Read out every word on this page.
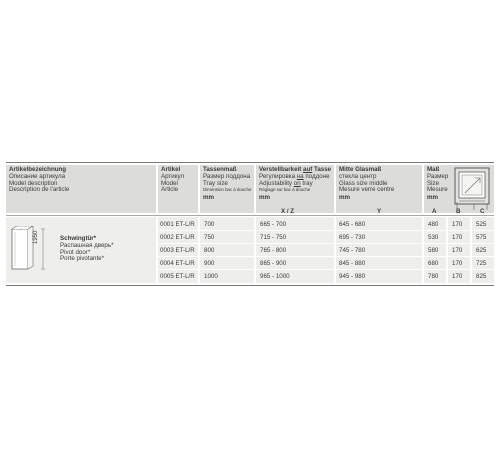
Artikelbezeichnung
Описание артикула
Model description
Description de l'article
Artikel
Артикул
Model
Article
Tassenmaß
Размер поддона
Tray size
Dimension bac à douche
mm
Verstellbarkeit auf Tasse
Регулировка на поддоне
Adjustability on tray
Réglage sur bac à douche
mm
Mitte Glasmaß
стекла центр
Glass size middle
Mesure verre centre
mm
Maß
Размер
Size
Mesure
mm
X / Z	Y	A	B	C
1950	Schwingtür*
Распашная дверь*
Pivot door*
Porte pivotante*
0001 ET-L/R 700	665 - 700	645 - 680	480 170 525
0002 ET-L/R 750	715 - 750	695 - 730	530 170 575
0003 ET-L/R 800	765 - 800	745 - 780	580 170 625
0004 ET-L/R 900	865 - 900	845 - 880	680 170 725
0005 ET-L/R 1000	965 - 1000	945 - 980	780 170 825
